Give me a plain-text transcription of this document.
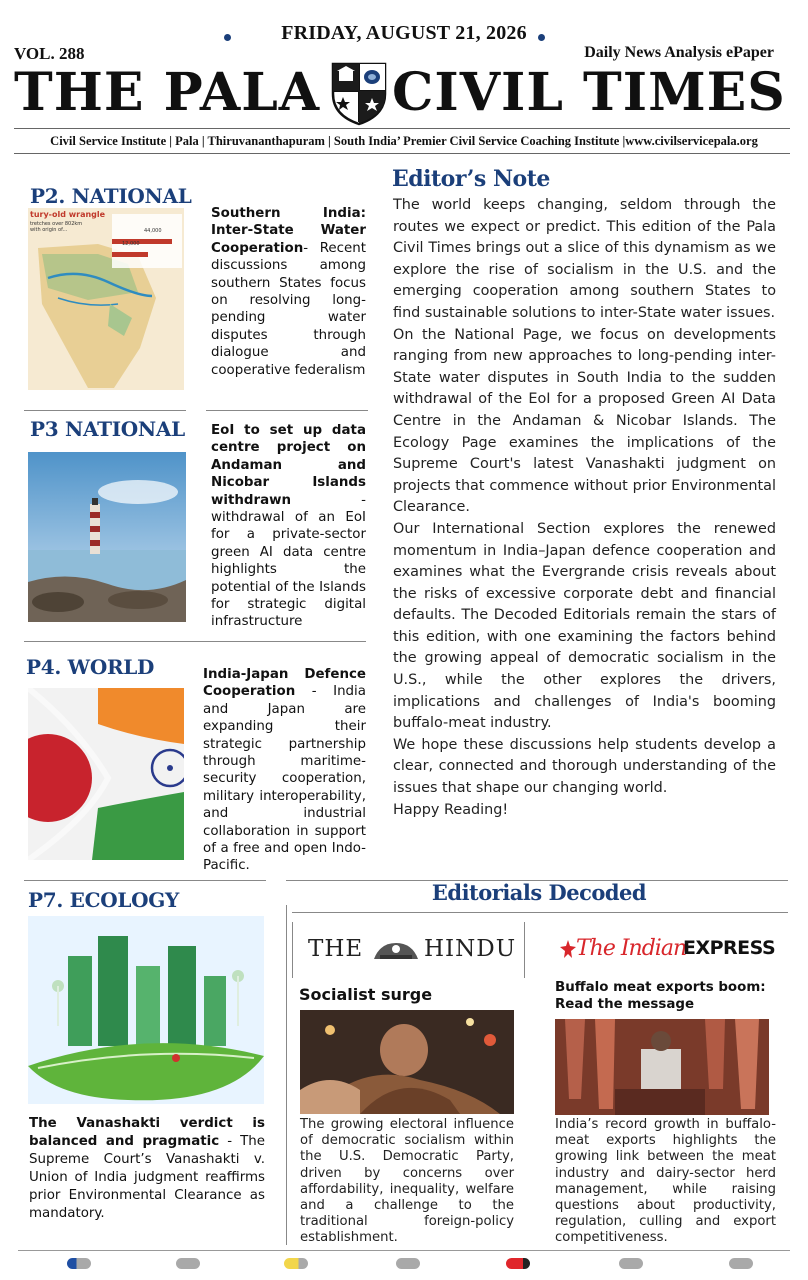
FRIDAY, AUGUST 21, 2026
VOL. 288	Daily News Analysis ePaper
THE PALA CIVIL TIMES
Civil Service Institute | Pala | Thiruvananthapuram | South India’ Premier Civil Service Coaching Institute |www.civilservicepala.org
P2. NATIONAL
tury-old wrangle
tretches over 802km with origin of...	44,000
12,000
Southern India: Inter-State Water Cooperation- Recent discussions among southern States focus on resolving long-pending water disputes through dialogue and cooperative federalism
P3 NATIONAL EoI to set up data centre project on Andaman and Nicobar Islands withdrawn - withdrawal of an EoI for a private-sector green AI data centre highlights the potential of the Islands for strategic digital infrastructure
P4. WORLD	India-Japan Defence Cooperation - India and Japan are expanding their strategic partnership through maritime-security cooperation, military interoperability, and industrial collaboration in support of a free and open Indo-Pacific.
Editor’s Note

The world keeps changing, seldom through the routes we expect or predict. This edition of the Pala Civil Times brings out a slice of this dynamism as we explore the rise of socialism in the U.S. and the emerging cooperation among southern States to find sustainable solutions to inter-State water issues.

On the National Page, we focus on developments ranging from new approaches to long-pending inter-State water disputes in South India to the sudden withdrawal of the EoI for a proposed Green AI Data Centre in the Andaman & Nicobar Islands. The Ecology Page examines the implications of the Supreme Court's latest Vanashakti judgment on projects that commence without prior Environmental Clearance.

Our International Section explores the renewed momentum in India–Japan defence cooperation and examines what the Evergrande crisis reveals about the risks of excessive corporate debt and financial defaults. The Decoded Editorials remain the stars of this edition, with one examining the factors behind the growing appeal of democratic socialism in the U.S., while the other explores the drivers, implications and challenges of India's booming buffalo-meat industry.

We hope these discussions help students develop a clear, connected and thorough understanding of the issues that shape our changing world.

Happy Reading!

P7. ECOLOGY
The Vanashakti verdict is balanced and pragmatic - The Supreme Court’s Vanashakti v. Union of India judgment reaffirms prior Environmental Clearance as mandatory.
Editorials Decoded
THE	HINDU
Socialist surge
The growing electoral influence of democratic socialism within the U.S. Democratic Party, driven by concerns over affordability, inequality, welfare and a challenge to the traditional foreign-policy establishment.
The Indian
EXPRESS
Buffalo meat exports boom: Read the message
India’s record growth in buffalo-meat exports highlights the growing link between the meat industry and dairy-sector herd management, while raising questions about productivity, regulation, culling and export competitiveness.
